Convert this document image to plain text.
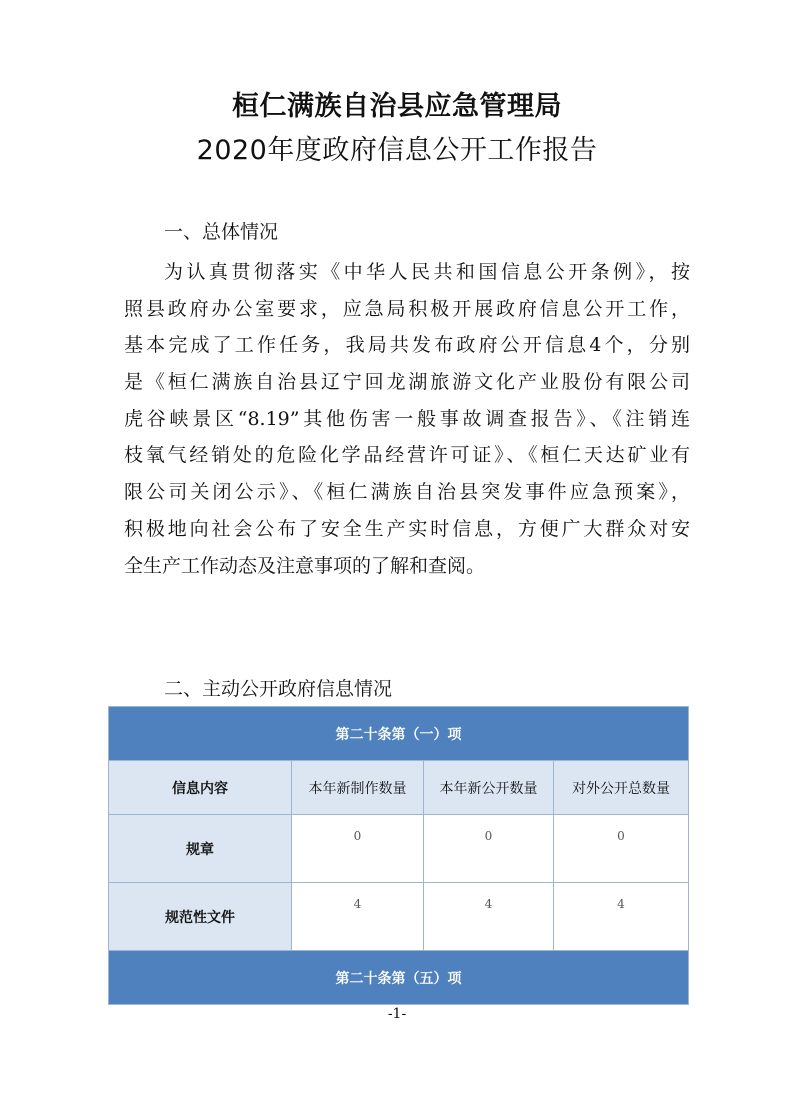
桓仁满族自治县应急管理局
2020年度政府信息公开工作报告
一、总体情况
为认真贯彻落实《中华人民共和国信息公开条例》，按
照县政府办公室要求，应急局积极开展政府信息公开工作，
基本完成了工作任务，我局共发布政府公开信息4个，分别
是《桓仁满族自治县辽宁回龙湖旅游文化产业股份有限公司
虎谷峡景区“8.19”其他伤害一般事故调查报告》、《注销连
枝氧气经销处的危险化学品经营许可证》、《桓仁天达矿业有
限公司关闭公示》、《桓仁满族自治县突发事件应急预案》，
积极地向社会公布了安全生产实时信息，方便广大群众对安
全生产工作动态及注意事项的了解和查阅。
二、主动公开政府信息情况
第二十条第（一）项			
信息内容	本年新制作数量	本年新公开数量	对外公开总数量
规章	0	0	0
规范性文件	4	4	4
第二十条第（五）项			
-1-
